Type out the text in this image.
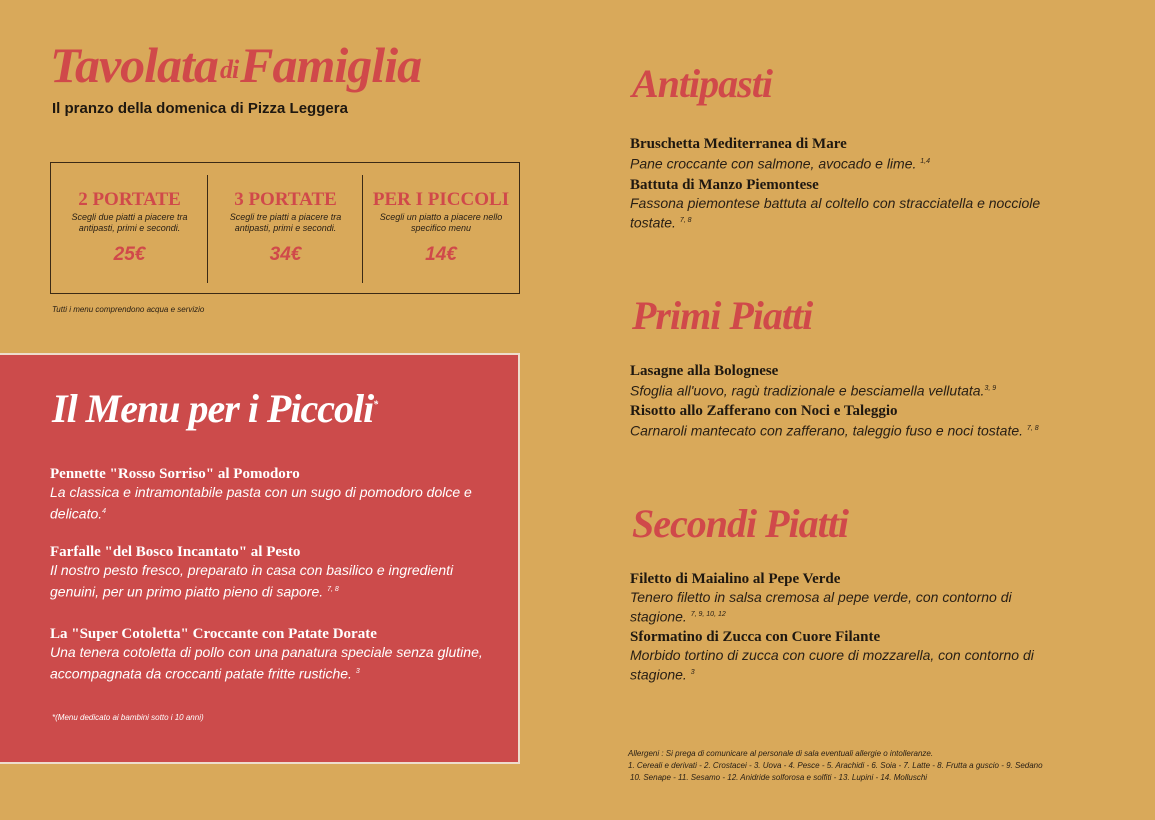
TavolatadiFamiglia
Il pranzo della domenica di Pizza Leggera
2 PORTATE
Scegli due piatti a piacere tra antipasti, primi e secondi.
25€
3 PORTATE
Scegli tre piatti a piacere tra antipasti, primi e secondi.
34€
PER I PICCOLI
Scegli un piatto a piacere nello specifico menu
14€
Tutti i menu comprendono acqua e servizio
Il Menu per i Piccoli*
Pennette "Rosso Sorriso" al Pomodoro
La classica e intramontabile pasta con un sugo di pomodoro dolce e delicato.$^4$
Farfalle "del Bosco Incantato" al Pesto
Il nostro pesto fresco, preparato in casa con basilico e ingredienti genuini, per un primo piatto pieno di sapore. $^{7, 8}$
La "Super Cotoletta" Croccante con Patate Dorate
Una tenera cotoletta di pollo con una panatura speciale senza glutine, accompagnata da croccanti patate fritte rustiche. $^3$
*(Menu dedicato ai bambini sotto i 10 anni)
Antipasti
Bruschetta Mediterranea di Mare
Pane croccante con salmone, avocado e lime. $^{1,4}$
Battuta di Manzo Piemontese
Fassona piemontese battuta al coltello con stracciatella e nocciole tostate. $^{7, 8}$
Primi Piatti
Lasagne alla Bolognese
Sfoglia all'uovo, ragù tradizionale e besciamella vellutata.$^{3, 9}$
Risotto allo Zafferano con Noci e Taleggio
Carnaroli mantecato con zafferano, taleggio fuso e noci tostate. $^{7, 8}$
Secondi Piatti
Filetto di Maialino al Pepe Verde
Tenero filetto in salsa cremosa al pepe verde, con contorno di stagione. $^{7, 9, 10, 12}$
Sformatino di Zucca con Cuore Filante
Morbido tortino di zucca con cuore di mozzarella, con contorno di stagione. $^3$
Allergeni : Si prega di comunicare al personale di sala eventuali allergie o intolleranze.
1. Cereali e derivati - 2. Crostacei - 3. Uova - 4. Pesce - 5. Arachidi - 6. Soia - 7. Latte - 8. Frutta a guscio - 9. Sedano
10. Senape - 11. Sesamo - 12. Anidride solforosa e solfiti - 13. Lupini - 14. Molluschi
